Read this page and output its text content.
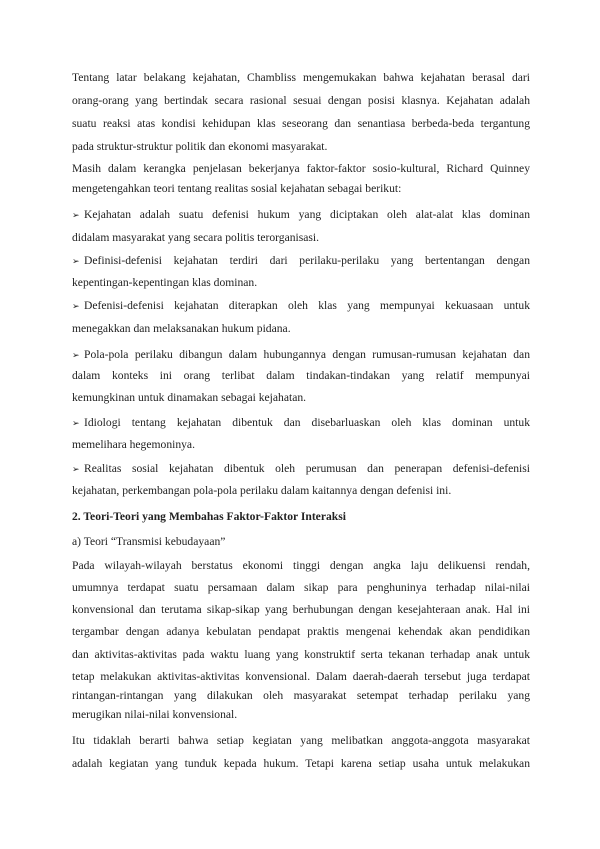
Tentang latar belakang kejahatan, Chambliss mengemukakan bahwa kejahatan berasal dari
orang-orang yang bertindak secara rasional sesuai dengan posisi klasnya. Kejahatan adalah
suatu reaksi atas kondisi kehidupan klas seseorang dan senantiasa berbeda-beda tergantung
pada struktur-struktur politik dan ekonomi masyarakat.
Masih dalam kerangka penjelasan bekerjanya faktor-faktor sosio-kultural, Richard Quinney
mengetengahkan teori tentang realitas sosial kejahatan sebagai berikut:
➢ Kejahatan adalah suatu defenisi hukum yang diciptakan oleh alat-alat klas dominan
didalam masyarakat yang secara politis terorganisasi.
➢ Definisi-defenisi kejahatan terdiri dari perilaku-perilaku yang bertentangan dengan
kepentingan-kepentingan klas dominan.
➢ Defenisi-defenisi kejahatan diterapkan oleh klas yang mempunyai kekuasaan untuk
menegakkan dan melaksanakan hukum pidana.
➢ Pola-pola perilaku dibangun dalam hubungannya dengan rumusan-rumusan kejahatan dan
dalam konteks ini orang terlibat dalam tindakan-tindakan yang relatif mempunyai
kemungkinan untuk dinamakan sebagai kejahatan.
➢ Idiologi tentang kejahatan dibentuk dan disebarluaskan oleh klas dominan untuk
memelihara hegemoninya.
➢ Realitas sosial kejahatan dibentuk oleh perumusan dan penerapan defenisi-defenisi
kejahatan, perkembangan pola-pola perilaku dalam kaitannya dengan defenisi ini.
2. Teori-Teori yang Membahas Faktor-Faktor Interaksi
a) Teori “Transmisi kebudayaan”
Pada wilayah-wilayah berstatus ekonomi tinggi dengan angka laju delikuensi rendah,
umumnya terdapat suatu persamaan dalam sikap para penghuninya terhadap nilai-nilai
konvensional dan terutama sikap-sikap yang berhubungan dengan kesejahteraan anak. Hal ini
tergambar dengan adanya kebulatan pendapat praktis mengenai kehendak akan pendidikan
dan aktivitas-aktivitas pada waktu luang yang konstruktif serta tekanan terhadap anak untuk
tetap melakukan aktivitas-aktivitas konvensional. Dalam daerah-daerah tersebut juga terdapat
rintangan-rintangan yang dilakukan oleh masyarakat setempat terhadap perilaku yang
merugikan nilai-nilai konvensional.
Itu tidaklah berarti bahwa setiap kegiatan yang melibatkan anggota-anggota masyarakat
adalah kegiatan yang tunduk kepada hukum. Tetapi karena setiap usaha untuk melakukan
